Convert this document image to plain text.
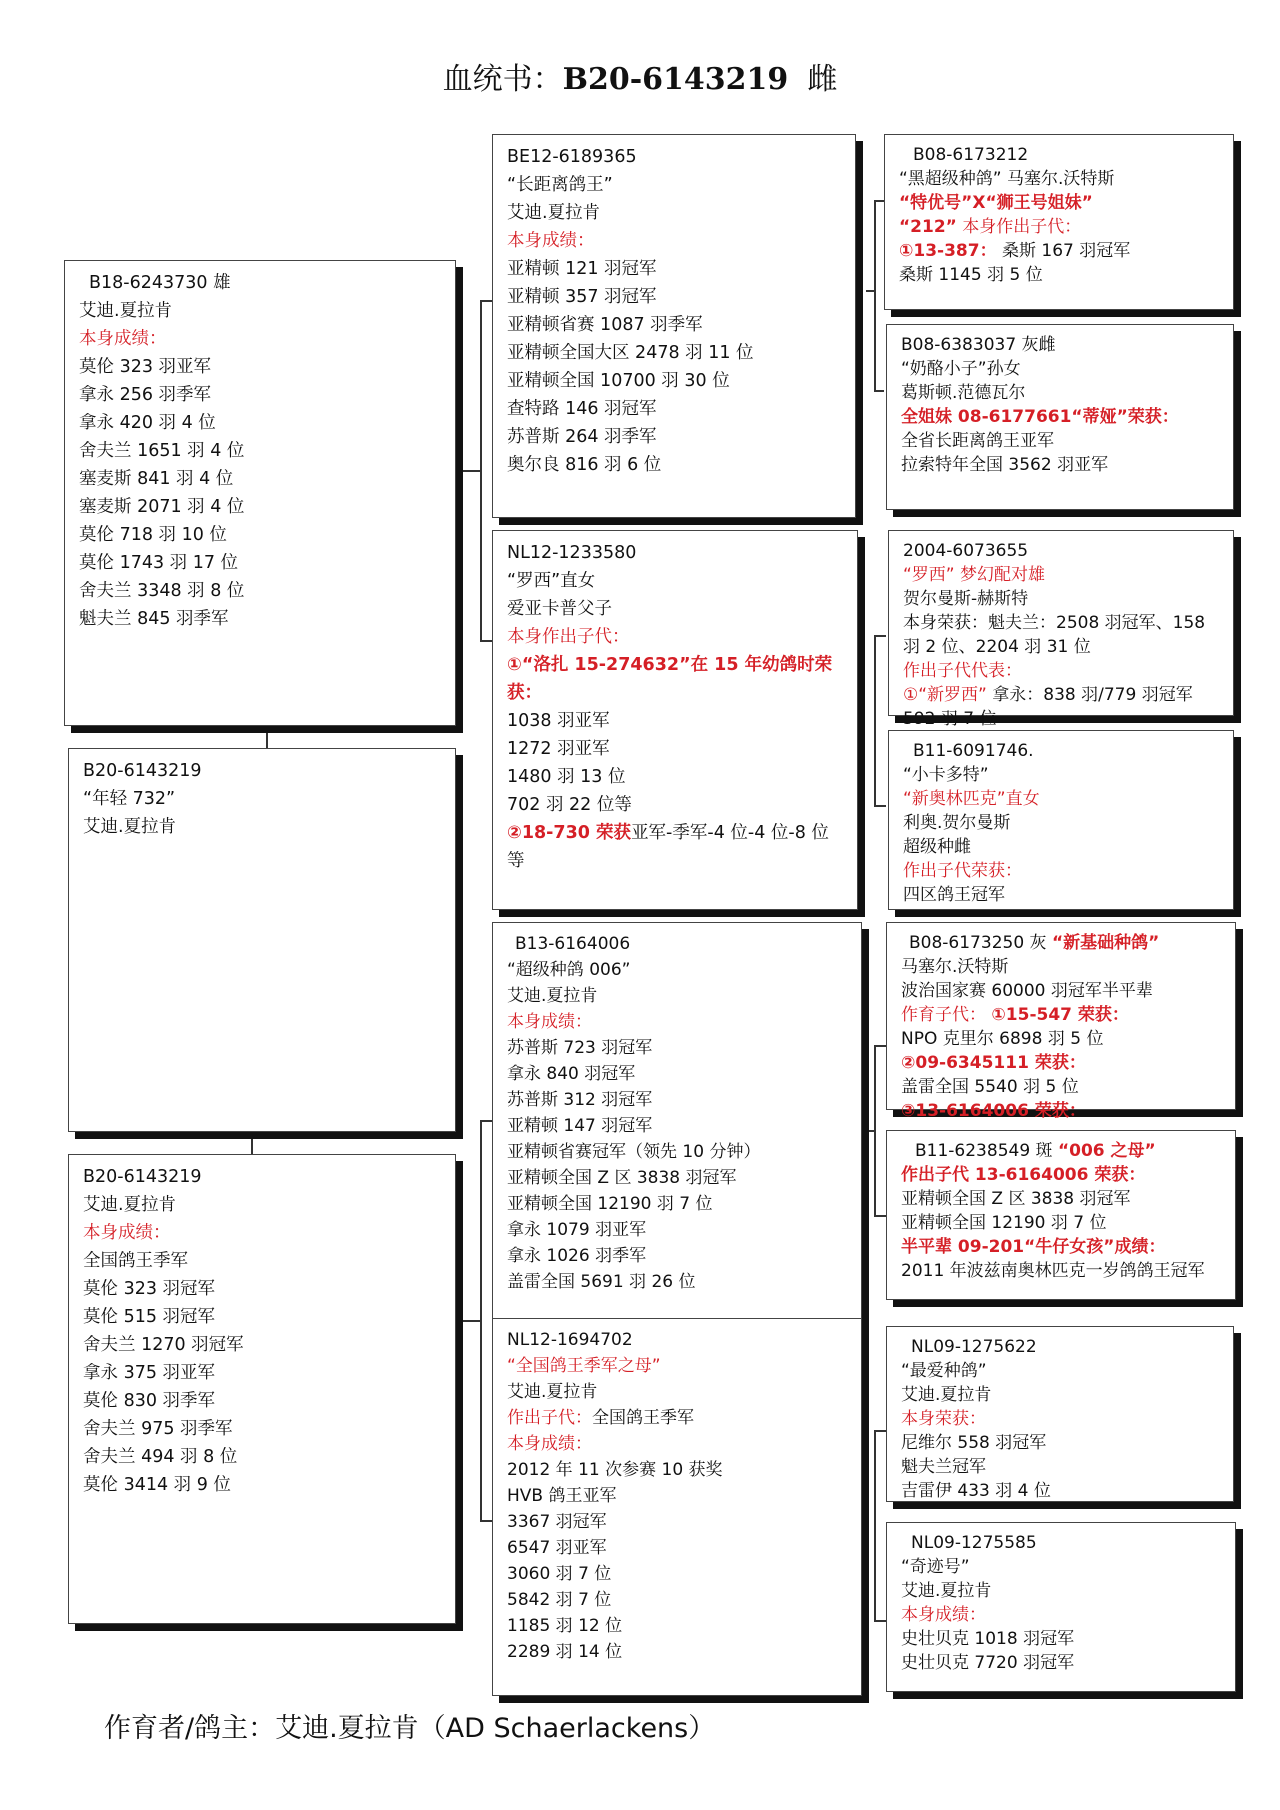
血统书：B20-6143219 雌
B18-6243730 雄
艾迪.夏拉肯
本身成绩：
莫伦 323 羽亚军
拿永 256 羽季军
拿永 420 羽 4 位
舍夫兰 1651 羽 4 位
塞麦斯 841 羽 4 位
塞麦斯 2071 羽 4 位
莫伦 718 羽 10 位
莫伦 1743 羽 17 位
舍夫兰 3348 羽 8 位
魁夫兰 845 羽季军
B20-6143219
“年轻 732”
艾迪.夏拉肯
B20-6143219
艾迪.夏拉肯
本身成绩：
全国鸽王季军
莫伦 323 羽冠军
莫伦 515 羽冠军
舍夫兰 1270 羽冠军
拿永 375 羽亚军
莫伦 830 羽季军
舍夫兰 975 羽季军
舍夫兰 494 羽 8 位
莫伦 3414 羽 9 位
BE12-6189365
“长距离鸽王”
艾迪.夏拉肯
本身成绩：
亚精顿 121 羽冠军
亚精顿 357 羽冠军
亚精顿省赛 1087 羽季军
亚精顿全国大区 2478 羽 11 位
亚精顿全国 10700 羽 30 位
查特路 146 羽冠军
苏普斯 264 羽季军
奥尔良 816 羽 6 位
NL12-1233580
“罗西”直女
爱亚卡普父子
本身作出子代：
①“洛扎 15-274632”在 15 年幼鸽时荣获：
1038 羽亚军
1272 羽亚军
1480 羽 13 位
702 羽 22 位等
②18-730 荣获亚军-季军-4 位-4 位-8 位等
B13-6164006
“超级种鸽 006”
艾迪.夏拉肯
本身成绩：
苏普斯 723 羽冠军
拿永 840 羽冠军
苏普斯 312 羽冠军
亚精顿 147 羽冠军
亚精顿省赛冠军（领先 10 分钟）
亚精顿全国 Z 区 3838 羽冠军
亚精顿全国 12190 羽 7 位
拿永 1079 羽亚军
拿永 1026 羽季军
盖雷全国 5691 羽 26 位
NL12-1694702
“全国鸽王季军之母”
艾迪.夏拉肯
作出子代：全国鸽王季军
本身成绩：
2012 年 11 次参赛 10 获奖
HVB 鸽王亚军
3367 羽冠军
6547 羽亚军
3060 羽 7 位
5842 羽 7 位
1185 羽 12 位
2289 羽 14 位
B08-6173212
“黑超级种鸽” 马塞尔.沃特斯
“特优号”X“狮王号姐妹”
“212” 本身作出子代：
①13-387： 桑斯 167 羽冠军
桑斯 1145 羽 5 位
B08-6383037 灰雌
“奶酪小子”孙女
葛斯顿.范德瓦尔
全姐妹 08-6177661“蒂娅”荣获：
全省长距离鸽王亚军
拉索特年全国 3562 羽亚军
2004-6073655
“罗西” 梦幻配对雄
贺尔曼斯-赫斯特
本身荣获：魁夫兰：2508 羽冠军、158 羽 2 位、2204 羽 31 位
作出子代代表：
①“新罗西” 拿永：838 羽/779 羽冠军 592 羽 7 位
B11-6091746.
“小卡多特”
“新奥林匹克”直女
利奥.贺尔曼斯
超级种雌
作出子代荣获：
四区鸽王冠军
B08-6173250 灰 “新基础种鸽”
马塞尔.沃特斯
波治国家赛 60000 羽冠军半平辈
作育子代： ①15-547 荣获：
NPO 克里尔 6898 羽 5 位
②09-6345111 荣获：
盖雷全国 5540 羽 5 位
③13-6164006 荣获：
B11-6238549 斑 “006 之母”
作出子代 13-6164006 荣获：
亚精顿全国 Z 区 3838 羽冠军
亚精顿全国 12190 羽 7 位
半平辈 09-201“牛仔女孩”成绩：
2011 年波兹南奥林匹克一岁鸽鸽王冠军
NL09-1275622
“最爱种鸽”
艾迪.夏拉肯
本身荣获：
尼维尔 558 羽冠军
魁夫兰冠军
吉雷伊 433 羽 4 位
NL09-1275585
“奇迹号”
艾迪.夏拉肯
本身成绩：
史壮贝克 1018 羽冠军
史壮贝克 7720 羽冠军
作育者/鸽主：艾迪.夏拉肯（AD Schaerlackens）
